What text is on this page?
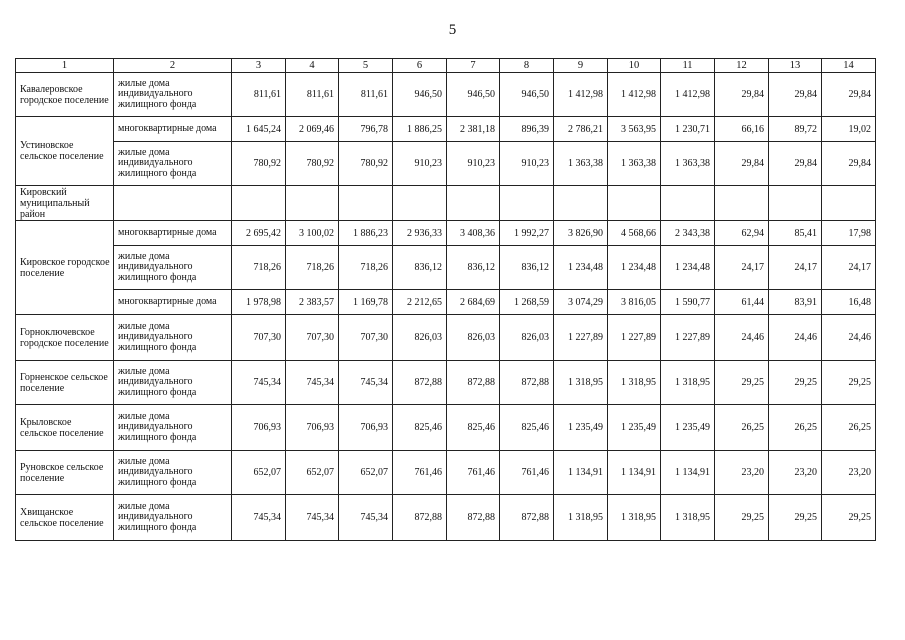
5
1	2	3	4	5	6	7	8	9	10	11	12	13	14
Кавалеровское городское поселение	жилые дома индивидуального жилищного фонда	811,61	811,61	811,61	946,50	946,50	946,50	1 412,98	1 412,98	1 412,98	29,84	29,84	29,84
Устиновское сельское поселение	многоквартирные дома	1 645,24	2 069,46	796,78	1 886,25	2 381,18	896,39	2 786,21	3 563,95	1 230,71	66,16	89,72	19,02
	жилые дома индивидуального жилищного фонда	780,92	780,92	780,92	910,23	910,23	910,23	1 363,38	1 363,38	1 363,38	29,84	29,84	29,84
Кировский муниципальный район													
Кировское городское поселение	многоквартирные дома	2 695,42	3 100,02	1 886,23	2 936,33	3 408,36	1 992,27	3 826,90	4 568,66	2 343,38	62,94	85,41	17,98
	жилые дома индивидуального жилищного фонда	718,26	718,26	718,26	836,12	836,12	836,12	1 234,48	1 234,48	1 234,48	24,17	24,17	24,17
	многоквартирные дома	1 978,98	2 383,57	1 169,78	2 212,65	2 684,69	1 268,59	3 074,29	3 816,05	1 590,77	61,44	83,91	16,48
Горноключевское городское поселение	жилые дома индивидуального жилищного фонда	707,30	707,30	707,30	826,03	826,03	826,03	1 227,89	1 227,89	1 227,89	24,46	24,46	24,46
Горненское сельское поселение	жилые дома индивидуального жилищного фонда	745,34	745,34	745,34	872,88	872,88	872,88	1 318,95	1 318,95	1 318,95	29,25	29,25	29,25
Крыловское сельское поселение	жилые дома индивидуального жилищного фонда	706,93	706,93	706,93	825,46	825,46	825,46	1 235,49	1 235,49	1 235,49	26,25	26,25	26,25
Руновское сельское поселение	жилые дома индивидуального жилищного фонда	652,07	652,07	652,07	761,46	761,46	761,46	1 134,91	1 134,91	1 134,91	23,20	23,20	23,20
Хвищанское сельское поселение	жилые дома индивидуального жилищного фонда	745,34	745,34	745,34	872,88	872,88	872,88	1 318,95	1 318,95	1 318,95	29,25	29,25	29,25
